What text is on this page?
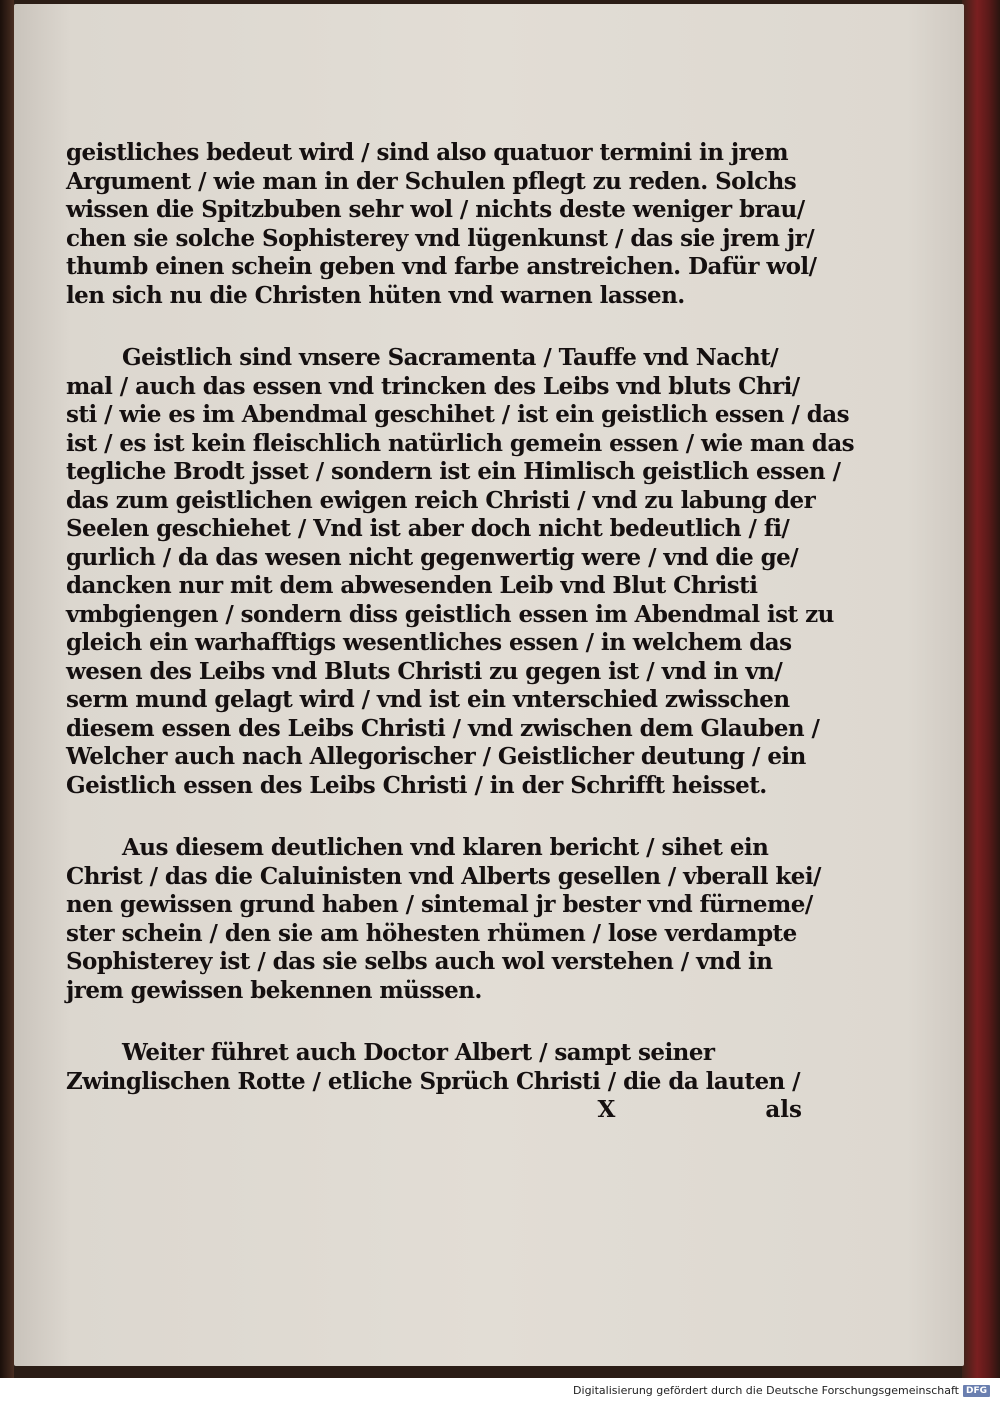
geistliches bedeut wird / sind also quatuor termini in jrem
Argument / wie man in der Schulen pflegt zu reden. Solchs
wissen die Spitzbuben sehr wol / nichts deste weniger brau/
chen sie solche Sophisterey vnd lügenkunst / das sie jrem jr/
thumb einen schein geben vnd farbe anstreichen. Dafür wol/
len sich nu die Christen hüten vnd warnen lassen.
Geistlich sind vnsere Sacramenta / Tauffe vnd Nacht/
mal / auch das essen vnd trincken des Leibs vnd bluts Chri/
sti / wie es im Abendmal geschihet / ist ein geistlich essen / das
ist / es ist kein fleischlich natürlich gemein essen / wie man das
tegliche Brodt jsset / sondern ist ein Himlisch geistlich essen /
das zum geistlichen ewigen reich Christi / vnd zu labung der
Seelen geschiehet / Vnd ist aber doch nicht bedeutlich / fi/
gurlich / da das wesen nicht gegenwertig were / vnd die ge/
dancken nur mit dem abwesenden Leib vnd Blut Christi
vmbgiengen / sondern diss geistlich essen im Abendmal ist zu
gleich ein warhafftigs wesentliches essen / in welchem das
wesen des Leibs vnd Bluts Christi zu gegen ist / vnd in vn/
serm mund gelagt wird / vnd ist ein vnterschied zwisschen
diesem essen des Leibs Christi / vnd zwischen dem Glauben /
Welcher auch nach Allegorischer / Geistlicher deutung / ein
Geistlich essen des Leibs Christi / in der Schrifft heisset.
Aus diesem deutlichen vnd klaren bericht / sihet ein
Christ / das die Caluinisten vnd Alberts gesellen / vberall kei/
nen gewissen grund haben / sintemal jr bester vnd fürneme/
ster schein / den sie am höhesten rhümen / lose verdampte
Sophisterey ist / das sie selbs auch wol verstehen / vnd in
jrem gewissen bekennen müssen.
Weiter führet auch Doctor Albert / sampt seiner
Zwinglischen Rotte / etliche Sprüch Christi / die da lauten /
X	als
Digitalisierung gefördert durch die Deutsche Forschungsgemeinschaft DFG
